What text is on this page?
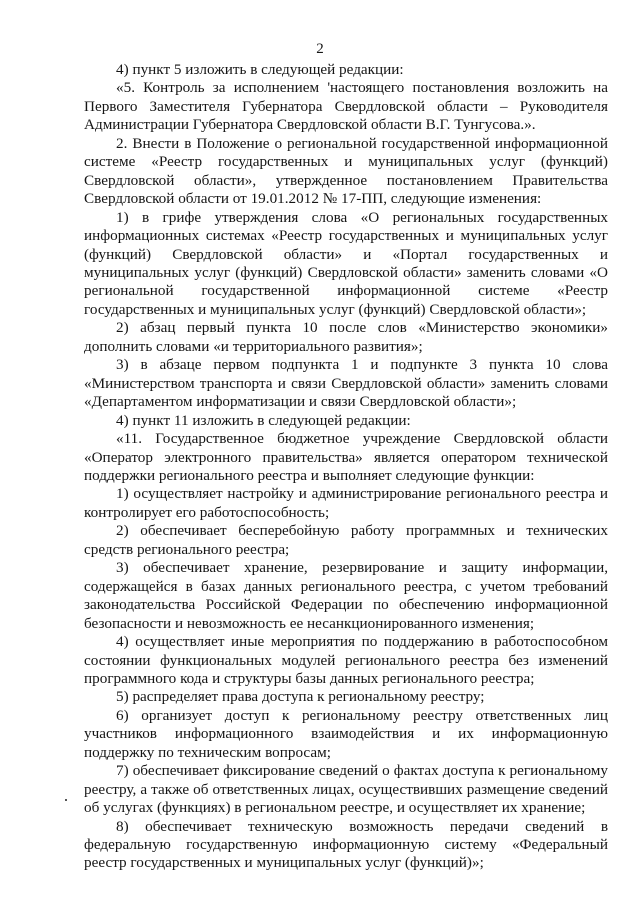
2

4) пункт 5 изложить в следующей редакции:

«5. Контроль за исполнением 'настоящего постановления возложить на Первого Заместителя Губернатора Свердловской области – Руководителя Администрации Губернатора Свердловской области В.Г. Тунгусова.».

2. Внести в Положение о региональной государственной информационной системе «Реестр государственных и муниципальных услуг (функций) Свердловской области», утвержденное постановлением Правительства Свердловской области от 19.01.2012 № 17-ПП, следующие изменения:

1) в грифе утверждения слова «О региональных государственных информационных системах «Реестр государственных и муниципальных услуг (функций) Свердловской области» и «Портал государственных и муниципальных услуг (функций) Свердловской области» заменить словами «О региональной государственной информационной системе «Реестр государственных и муниципальных услуг (функций) Свердловской области»;

2) абзац первый пункта 10 после слов «Министерство экономики» дополнить словами «и территориального развития»;

3) в абзаце первом подпункта 1 и подпункте 3 пункта 10 слова «Министерством транспорта и связи Свердловской области» заменить словами «Департаментом информатизации и связи Свердловской области»;

4) пункт 11 изложить в следующей редакции:

«11. Государственное бюджетное учреждение Свердловской области «Оператор электронного правительства» является оператором технической поддержки регионального реестра и выполняет следующие функции:

1) осуществляет настройку и администрирование регионального реестра и контролирует его работоспособность;

2) обеспечивает бесперебойную работу программных и технических средств регионального реестра;

3) обеспечивает хранение, резервирование и защиту информации, содержащейся в базах данных регионального реестра, с учетом требований законодательства Российской Федерации по обеспечению информационной безопасности и невозможность ее несанкционированного изменения;

4) осуществляет иные мероприятия по поддержанию в работоспособном состоянии функциональных модулей регионального реестра без изменений программного кода и структуры базы данных регионального реестра;

5) распределяет права доступа к региональному реестру;

6) организует доступ к региональному реестру ответственных лиц участников информационного взаимодействия и их информационную поддержку по техническим вопросам;

7) обеспечивает фиксирование сведений о фактах доступа к региональному реестру, а также об ответственных лицах, осуществивших размещение сведений об услугах (функциях) в региональном реестре, и осуществляет их хранение;

8) обеспечивает техническую возможность передачи сведений в федеральную государственную информационную систему «Федеральный реестр государственных и муниципальных услуг (функций)»;
